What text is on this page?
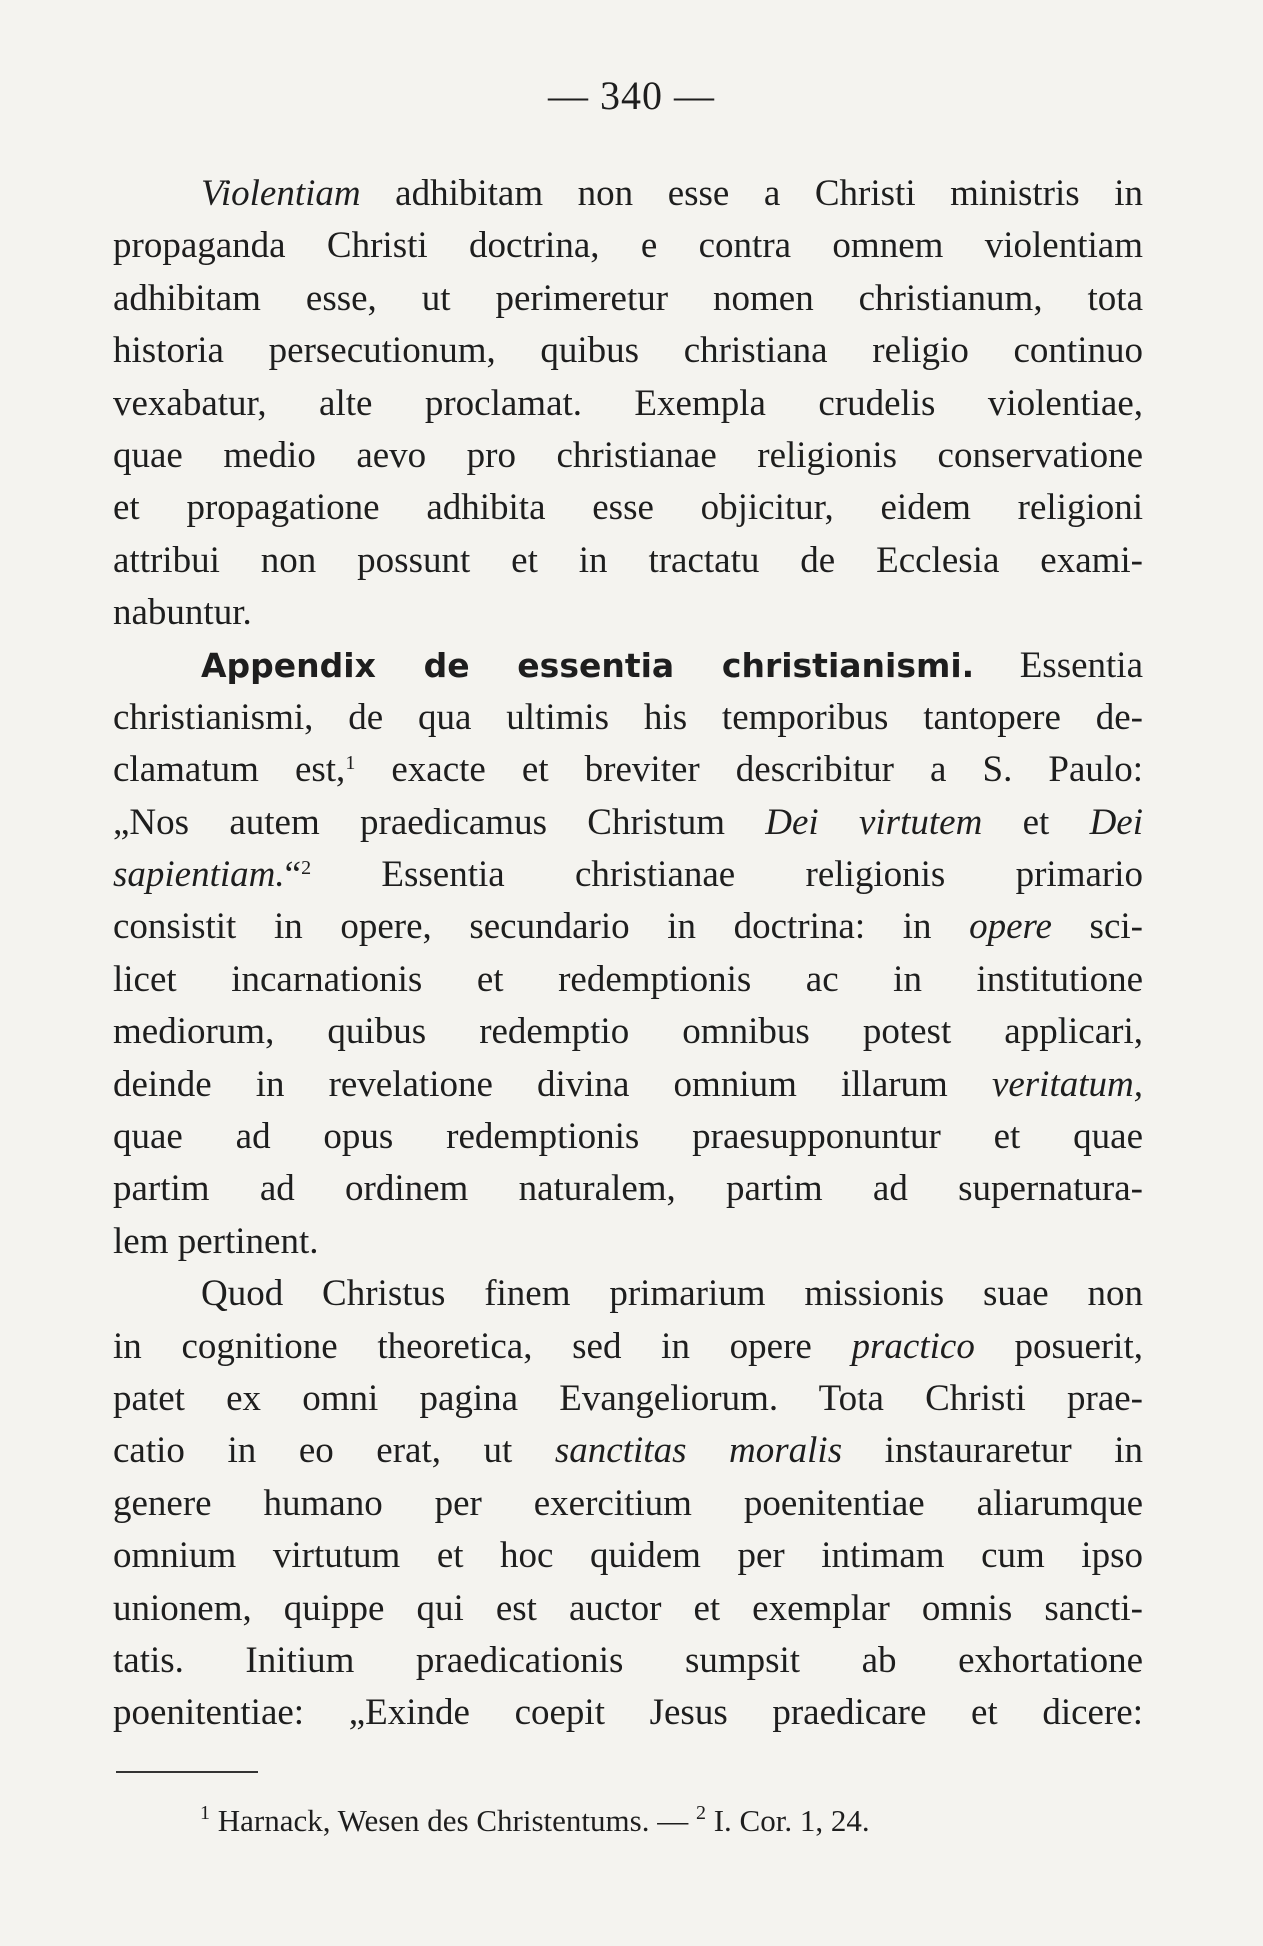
— 340 —
Violentiam adhibitam non esse a Christi ministris in
propaganda Christi doctrina, e contra omnem violentiam
adhibitam esse, ut perimeretur nomen christianum, tota
historia persecutionum, quibus christiana religio continuo
vexabatur, alte proclamat. Exempla crudelis violentiae,
quae medio aevo pro christianae religionis conservatione
et propagatione adhibita esse objicitur, eidem religioni
attribui non possunt et in tractatu de Ecclesia exami-
nabuntur.
Appendix de essentia christianismi. Essentia
christianismi, de qua ultimis his temporibus tantopere de-
clamatum est,$^1$ exacte et breviter describitur a S. Paulo:
„Nos autem praedicamus Christum Dei virtutem et Dei
sapientiam.“$^2$ Essentia christianae religionis primario
consistit in opere, secundario in doctrina: in opere sci-
licet incarnationis et redemptionis ac in institutione
mediorum, quibus redemptio omnibus potest applicari,
deinde in revelatione divina omnium illarum veritatum,
quae ad opus redemptionis praesupponuntur et quae
partim ad ordinem naturalem, partim ad supernatura-
lem pertinent.
Quod Christus finem primarium missionis suae non
in cognitione theoretica, sed in opere practico posuerit,
patet ex omni pagina Evangeliorum. Tota Christi prae-
catio in eo erat, ut sanctitas moralis instauraretur in
genere humano per exercitium poenitentiae aliarumque
omnium virtutum et hoc quidem per intimam cum ipso
unionem, quippe qui est auctor et exemplar omnis sancti-
tatis. Initium praedicationis sumpsit ab exhortatione
poenitentiae: „Exinde coepit Jesus praedicare et dicere:
$^1$ Harnack, Wesen des Christentums. — $^2$ I. Cor. 1, 24.
